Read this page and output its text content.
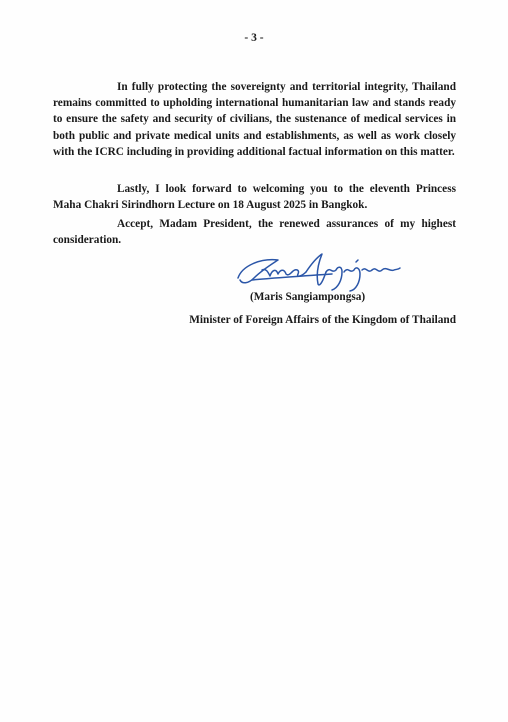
- 3 -

In fully protecting the sovereignty and territorial integrity, Thailand remains committed to upholding international humanitarian law and stands ready to ensure the safety and security of civilians, the sustenance of medical services in both public and private medical units and establishments, as well as work closely with the ICRC including in providing additional factual information on this matter.

Lastly, I look forward to welcoming you to the eleventh Princess Maha Chakri Sirindhorn Lecture on 18 August 2025 in Bangkok.

Accept, Madam President, the renewed assurances of my highest consideration.

(Maris Sangiampongsa)
Minister of Foreign Affairs of the Kingdom of Thailand
